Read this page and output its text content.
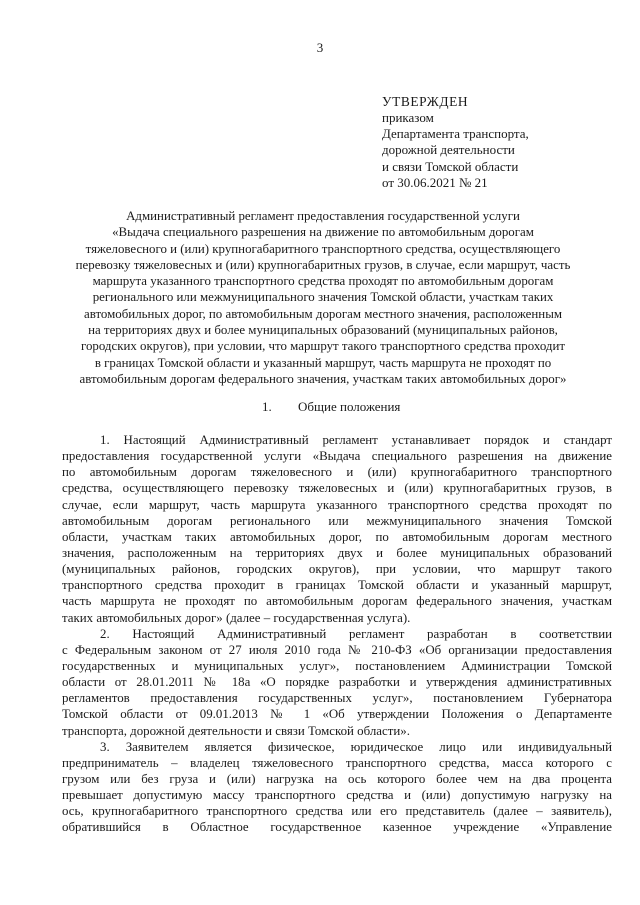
3
УТВЕРЖДЕН
приказом
Департамента транспорта,
дорожной деятельности
и связи Томской области
от 30.06.2021 № 21
Административный регламент предоставления государственной услуги
«Выдача специального разрешения на движение по автомобильным дорогам
тяжеловесного и (или) крупногабаритного транспортного средства, осуществляющего
перевозку тяжеловесных и (или) крупногабаритных грузов, в случае, если маршрут, часть
маршрута указанного транспортного средства проходят по автомобильным дорогам
регионального или межмуниципального значения Томской области, участкам таких
автомобильных дорог, по автомобильным дорогам местного значения, расположенным
на территориях двух и более муниципальных образований (муниципальных районов,
городских округов), при условии, что маршрут такого транспортного средства проходит
в границах Томской области и указанный маршрут, часть маршрута не проходят по
автомобильным дорогам федерального значения, участкам таких автомобильных дорог»
1. Общие положения
1. Настоящий Административный регламент устанавливает порядок и стандарт
предоставления государственной услуги «Выдача специального разрешения на движение
по автомобильным дорогам тяжеловесного и (или) крупногабаритного транспортного
средства, осуществляющего перевозку тяжеловесных и (или) крупногабаритных грузов, в
случае, если маршрут, часть маршрута указанного транспортного средства проходят по
автомобильным дорогам регионального или межмуниципального значения Томской
области, участкам таких автомобильных дорог, по автомобильным дорогам местного
значения, расположенным на территориях двух и более муниципальных образований
(муниципальных районов, городских округов), при условии, что маршрут такого
транспортного средства проходит в границах Томской области и указанный маршрут,
часть маршрута не проходят по автомобильным дорогам федерального значения, участкам
таких автомобильных дорог» (далее – государственная услуга).
2. Настоящий Административный регламент разработан в соответствии
с Федеральным законом от 27 июля 2010 года № 210-ФЗ «Об организации предоставления
государственных и муниципальных услуг», постановлением Администрации Томской
области от 28.01.2011 № 18а «О порядке разработки и утверждения административных
регламентов предоставления государственных услуг», постановлением Губернатора
Томской области от 09.01.2013 № 1 «Об утверждении Положения о Департаменте
транспорта, дорожной деятельности и связи Томской области».
3. Заявителем является физическое, юридическое лицо или индивидуальный
предприниматель – владелец тяжеловесного транспортного средства, масса которого с
грузом или без груза и (или) нагрузка на ось которого более чем на два процента
превышает допустимую массу транспортного средства и (или) допустимую нагрузку на
ось, крупногабаритного транспортного средства или его представитель (далее – заявитель),
обратившийся в Областное государственное казенное учреждение «Управление
